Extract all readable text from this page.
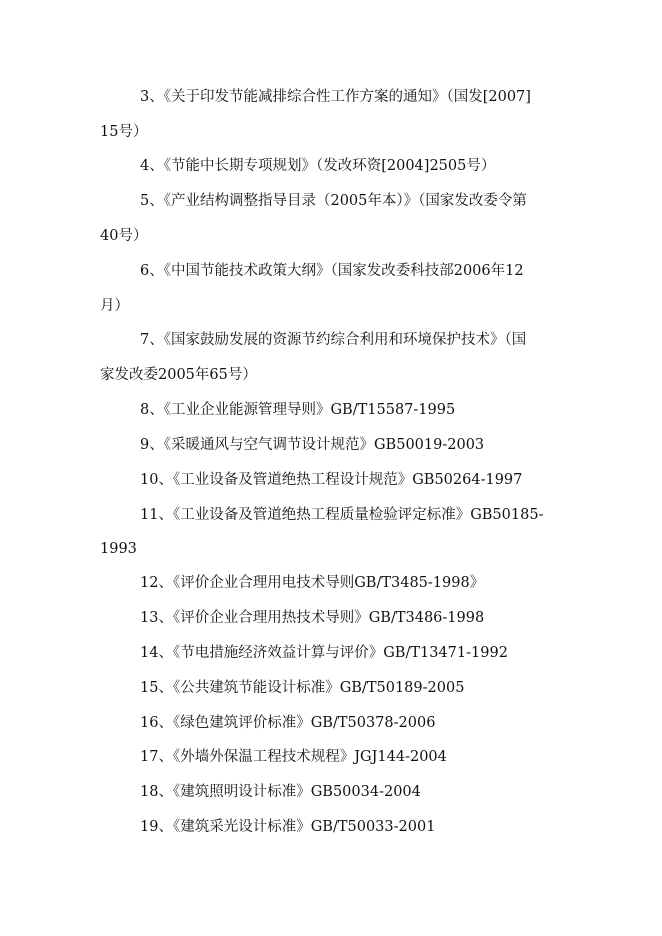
3、《关于印发节能减排综合性工作方案的通知》（国发[2007]
15号）
4、《节能中长期专项规划》（发改环资[2004]2505号）
5、《产业结构调整指导目录（2005年本）》（国家发改委令第
40号）
6、《中国节能技术政策大纲》（国家发改委科技部2006年12
月）
7、《国家鼓励发展的资源节约综合利用和环境保护技术》（国
家发改委2005年65号）
8、《工业企业能源管理导则》GB/T15587-1995
9、《采暖通风与空气调节设计规范》GB50019-2003
10、《工业设备及管道绝热工程设计规范》GB50264-1997
11、《工业设备及管道绝热工程质量检验评定标准》GB50185-
1993
12、《评价企业合理用电技术导则GB/T3485-1998》
13、《评价企业合理用热技术导则》GB/T3486-1998
14、《节电措施经济效益计算与评价》GB/T13471-1992
15、《公共建筑节能设计标准》GB/T50189-2005
16、《绿色建筑评价标准》GB/T50378-2006
17、《外墙外保温工程技术规程》JGJ144-2004
18、《建筑照明设计标准》GB50034-2004
19、《建筑采光设计标准》GB/T50033-2001
